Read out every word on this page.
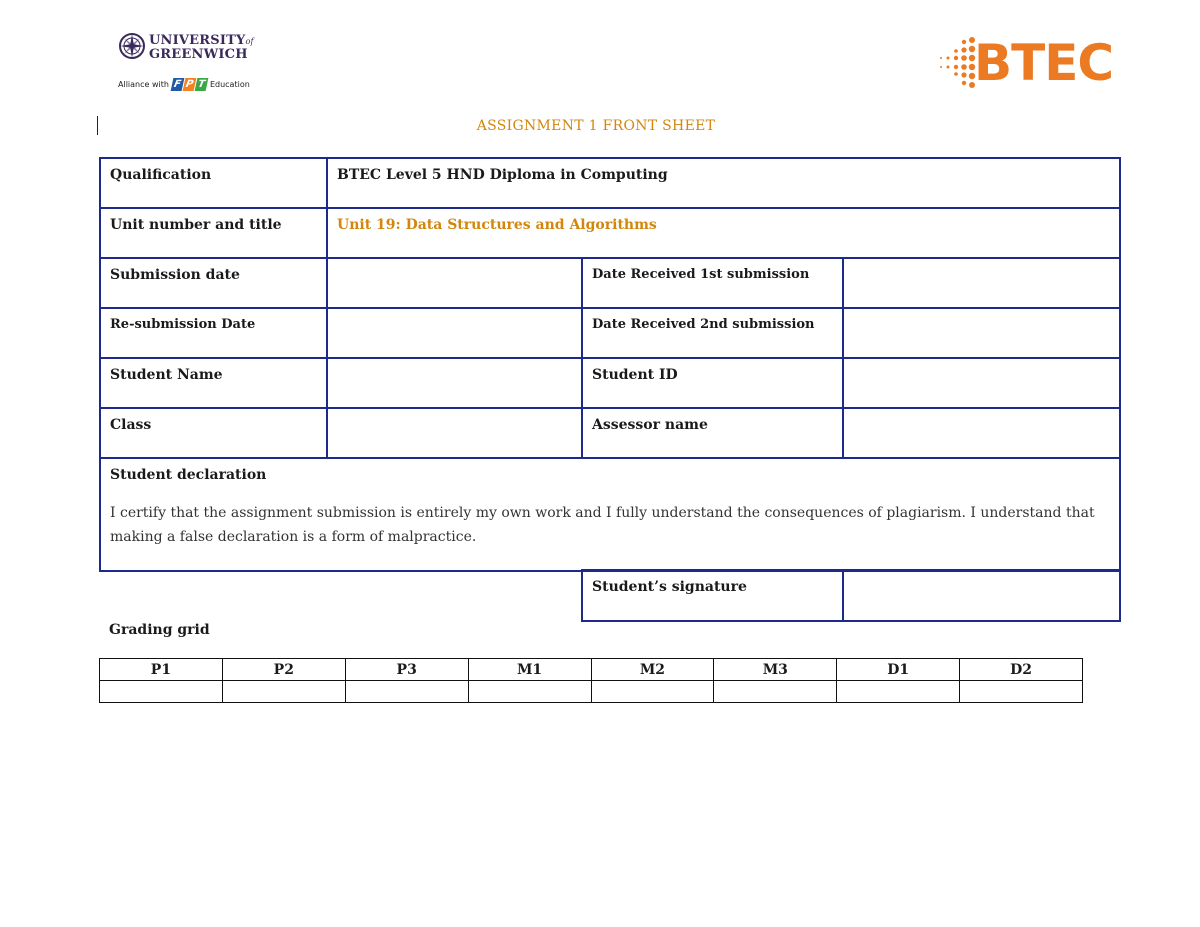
UNIVERSITYof
GREENWICH
Alliance with F P T Education	BTEC
ASSIGNMENT 1 FRONT SHEET
Qualification	BTEC Level 5 HND Diploma in Computing		
Unit number and title	Unit 19: Data Structures and Algorithms		
Submission date		Date Received 1st submission	
Re-submission Date		Date Received 2nd submission	
Student Name		Student ID	
Class		Assessor name	

Student declaration
I certify that the assignment submission is entirely my own work and I fully understand the consequences of plagiarism. I understand that making a false declaration is a form of malpractice.			
Student’s signature	
Grading grid
P1	P2	P3	M1	M2	M3	D1	D2
